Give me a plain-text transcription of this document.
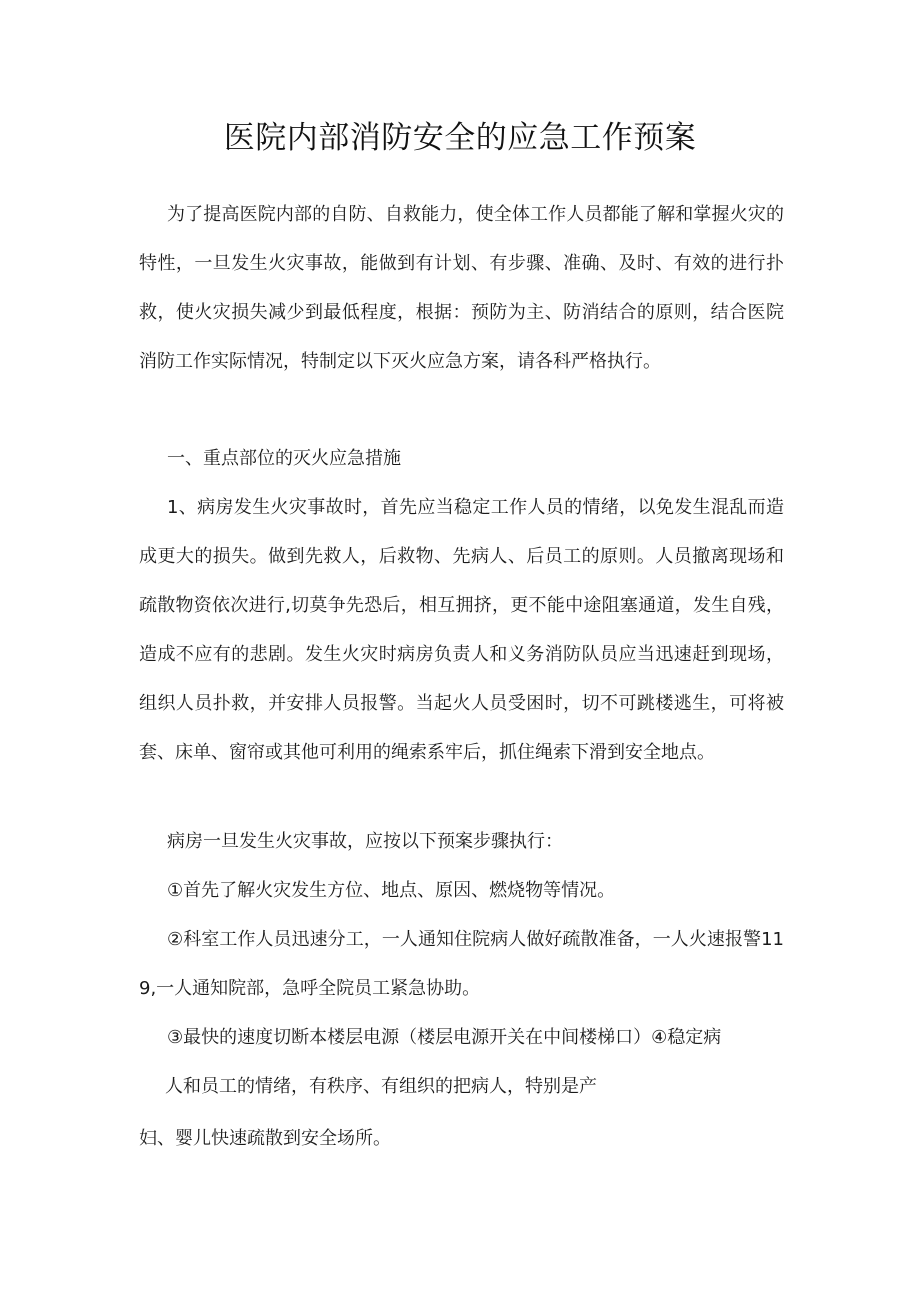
医院内部消防安全的应急工作预案

为了提高医院内部的自防、自救能力，使全体工作人员都能了解和掌握火灾的特性，一旦发生火灾事故，能做到有计划、有步骤、准确、及时、有效的进行扑救，使火灾损失减少到最低程度，根据：预防为主、防消结合的原则，结合医院消防工作实际情况，特制定以下灭火应急方案，请各科严格执行。

一、重点部位的灭火应急措施

1、病房发生火灾事故时，首先应当稳定工作人员的情绪，以免发生混乱而造成更大的损失。做到先救人，后救物、先病人、后员工的原则。人员撤离现场和疏散物资依次进行,切莫争先恐后，相互拥挤，更不能中途阻塞通道，发生自残，造成不应有的悲剧。发生火灾时病房负责人和义务消防队员应当迅速赶到现场，组织人员扑救，并安排人员报警。当起火人员受困时，切不可跳楼逃生，可将被套、床单、窗帘或其他可利用的绳索系牢后，抓住绳索下滑到安全地点。

病房一旦发生火灾事故，应按以下预案步骤执行：

①首先了解火灾发生方位、地点、原因、燃烧物等情况。

②科室工作人员迅速分工，一人通知住院病人做好疏散准备，一人火速报警119,一人通知院部，急呼全院员工紧急协助。

③最快的速度切断本楼层电源（楼层电源开关在中间楼梯口）④稳定病

人和员工的情绪，有秩序、有组织的把病人，特别是产
妇、婴儿快速疏散到安全场所。
